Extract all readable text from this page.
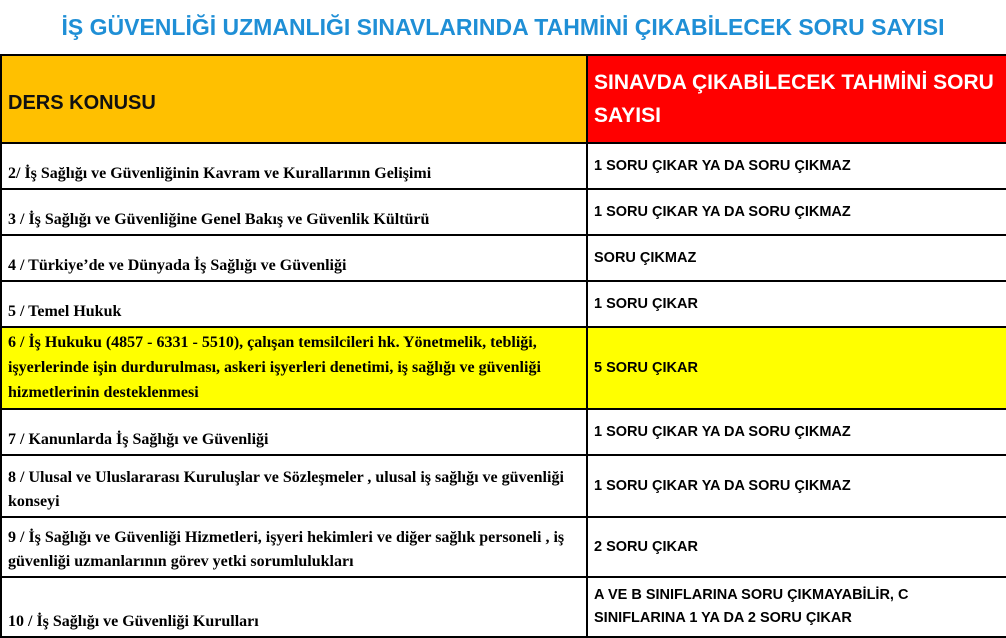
İŞ GÜVENLİĞİ UZMANLIĞI SINAVLARINDA TAHMİNİ ÇIKABİLECEK SORU SAYISI
DERS KONUSU	SINAVDA ÇIKABİLECEK TAHMİNİ SORU SAYISI
2/ İş Sağlığı ve Güvenliğinin Kavram ve Kurallarının Gelişimi	1 SORU ÇIKAR YA DA SORU ÇIKMAZ
3 / İş Sağlığı ve Güvenliğine Genel Bakış ve Güvenlik Kültürü	1 SORU ÇIKAR YA DA SORU ÇIKMAZ
4 / Türkiye’de ve Dünyada İş Sağlığı ve Güvenliği	SORU ÇIKMAZ
5 / Temel Hukuk	1 SORU ÇIKAR
6 / İş Hukuku (4857 - 6331 - 5510), çalışan temsilcileri hk. Yönetmelik, tebliği, işyerlerinde işin durdurulması, askeri işyerleri denetimi, iş sağlığı ve güvenliği hizmetlerinin desteklenmesi	5 SORU ÇIKAR
7 / Kanunlarda İş Sağlığı ve Güvenliği	1 SORU ÇIKAR YA DA SORU ÇIKMAZ
8 / Ulusal ve Uluslararası Kuruluşlar ve Sözleşmeler , ulusal iş sağlığı ve güvenliği konseyi	1 SORU ÇIKAR YA DA SORU ÇIKMAZ
9 / İş Sağlığı ve Güvenliği Hizmetleri, işyeri hekimleri ve diğer sağlık personeli , iş güvenliği uzmanlarının görev yetki sorumlulukları	2 SORU ÇIKAR
10 / İş Sağlığı ve Güvenliği Kurulları	A VE B SINIFLARINA SORU ÇIKMAYABİLİR, C SINIFLARINA 1 YA DA 2 SORU ÇIKAR
